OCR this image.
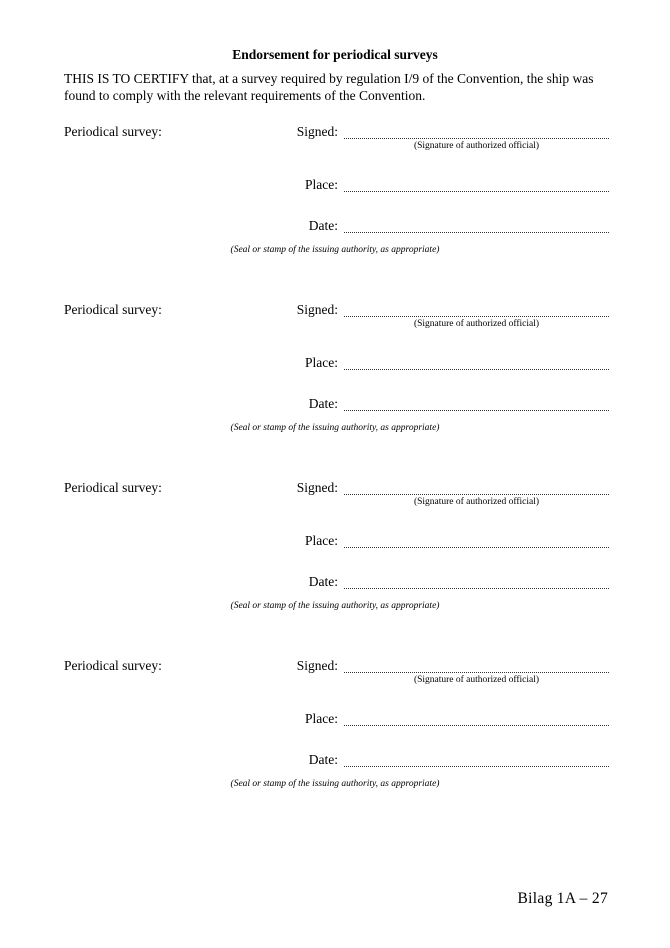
Endorsement for periodical surveys
THIS IS TO CERTIFY that, at a survey required by regulation I/9 of the Convention, the ship was found to comply with the relevant requirements of the Convention.
Periodical survey:	Signed:
(Signature of authorized official)
Place:
Date:
(Seal or stamp of the issuing authority, as appropriate)
Periodical survey:	Signed:
(Signature of authorized official)
Place:
Date:
(Seal or stamp of the issuing authority, as appropriate)
Periodical survey:	Signed:
(Signature of authorized official)
Place:
Date:
(Seal or stamp of the issuing authority, as appropriate)
Periodical survey:	Signed:
(Signature of authorized official)
Place:
Date:
(Seal or stamp of the issuing authority, as appropriate)
Bilag 1A – 27
